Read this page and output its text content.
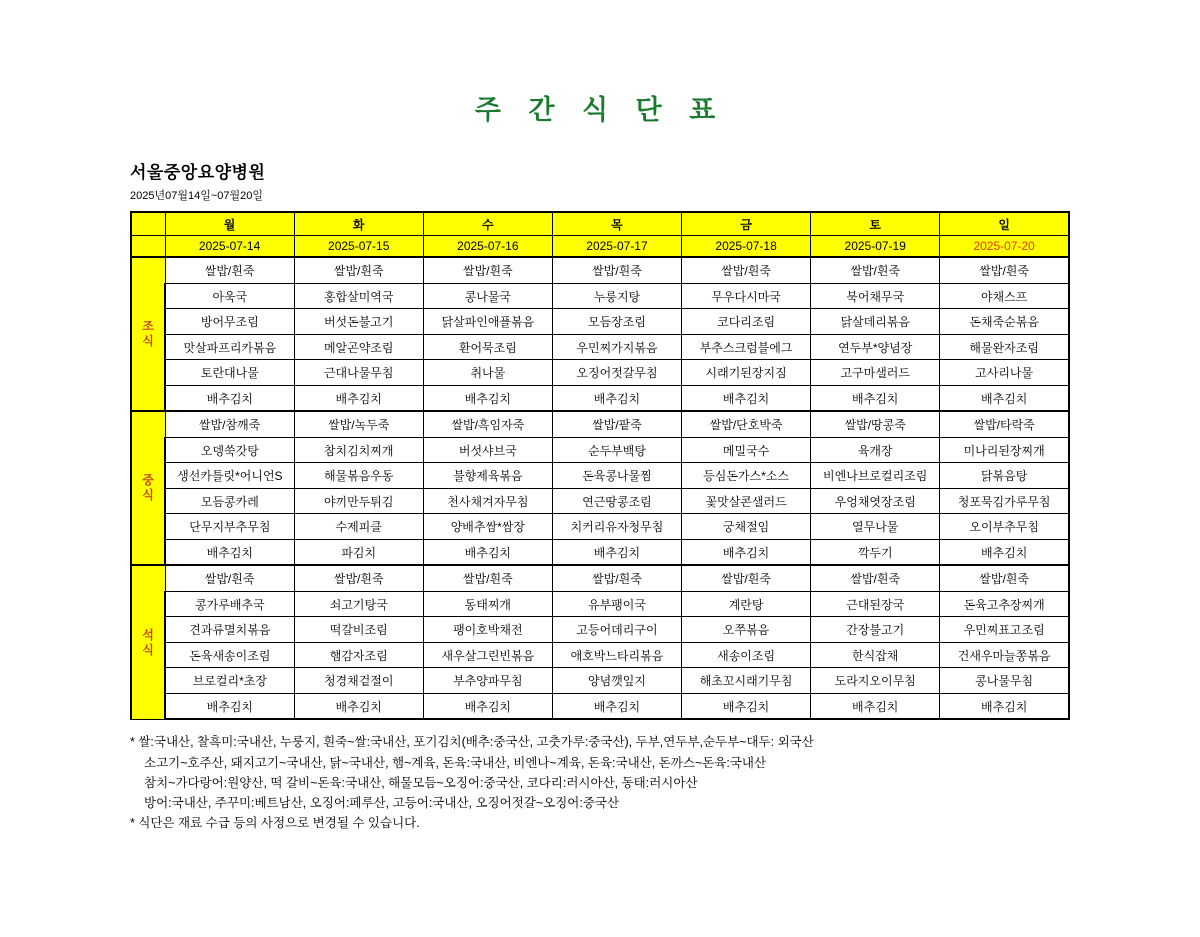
주 간 식 단 표
서울중앙요양병원
2025년07월14일~07월20일
	월	화	수	목	금	토	일
	2025-07-14	2025-07-15	2025-07-16	2025-07-17	2025-07-18	2025-07-19	2025-07-20

조
식	쌀밥/흰죽	쌀밥/흰죽	쌀밥/흰죽	쌀밥/흰죽	쌀밥/흰죽	쌀밥/흰죽	쌀밥/흰죽
	아욱국	홍합살미역국	콩나물국	누룽지탕	무우다시마국	북어채무국	야채스프
	방어무조림	버섯돈불고기	닭살파인애플볶음	모듬장조림	코다리조림	닭살데리볶음	돈채죽순볶음
	맛살파프리카볶음	메알곤약조림	환어묵조림	우민찌가지볶음	부추스크럼블에그	연두부*양념장	해물완자조림
	토란대나물	근대나물무침	취나물	오징어젓갈무침	시래기된장지짐	고구마샐러드	고사리나물
	배추김치	배추김치	배추김치	배추김치	배추김치	배추김치	배추김치

중
식	쌀밥/참깨죽	쌀밥/녹두죽	쌀밥/흑임자죽	쌀밥/팥죽	쌀밥/단호박죽	쌀밥/땅콩죽	쌀밥/타락죽
	오뎅쑥갓탕	참치김치찌개	버섯샤브국	순두부백탕	메밀국수	육개장	미나리된장찌개
	생선카틀릿*어니언S	해물볶음우동	불향제육볶음	돈육콩나물찜	등심돈가스*소스	비엔나브로컬리조림	닭볶음탕
	모듬콩카레	야끼만두튀김	천사채겨자무침	연근땅콩조림	꽃맛살콘샐러드	우엉채엿장조림	청포묵김가루무침
	단무지부추무침	수제피클	양배추쌈*쌈장	치커리유자청무침	궁채절임	열무나물	오이부추무침
	배추김치	파김치	배추김치	배추김치	배추김치	깍두기	배추김치

석
식	쌀밥/흰죽	쌀밥/흰죽	쌀밥/흰죽	쌀밥/흰죽	쌀밥/흰죽	쌀밥/흰죽	쌀밥/흰죽
	콩가루배추국	쇠고기탕국	동태찌개	유부팽이국	계란탕	근대된장국	돈육고추장찌개
	견과류멸치볶음	떡갈비조림	팽이호박채전	고등어데리구이	오쭈볶음	간장불고기	우민찌표고조림
	돈육새송이조림	햄감자조림	새우살그린빈볶음	애호박느타리볶음	새송이조림	한식잡채	건새우마늘쫑볶음
	브로컬리*초장	청경채겉절이	부추양파무침	양념깻잎지	해초꼬시래기무침	도라지오이무침	콩나물무침
	배추김치	배추김치	배추김치	배추김치	배추김치	배추김치	배추김치
* 쌀:국내산, 찰흑미:국내산, 누룽지, 흰죽~쌀:국내산, 포기김치(배추:중국산, 고춧가루:중국산), 두부,연두부,순두부~대두: 외국산
소고기~호주산, 돼지고기~국내산, 닭~국내산, 햄~계육, 돈육:국내산, 비엔나~계육, 돈육:국내산, 돈까스~돈육:국내산
참치~가다랑어:원양산, 떡 갈비~돈육:국내산, 해물모듬~오징어:중국산, 코다리:러시아산, 동태:러시아산
방어:국내산, 주꾸미:베트남산, 오징어:페루산, 고등어:국내산, 오징어젓갈~오징어:중국산
* 식단은 재료 수급 등의 사정으로 변경될 수 있습니다.
